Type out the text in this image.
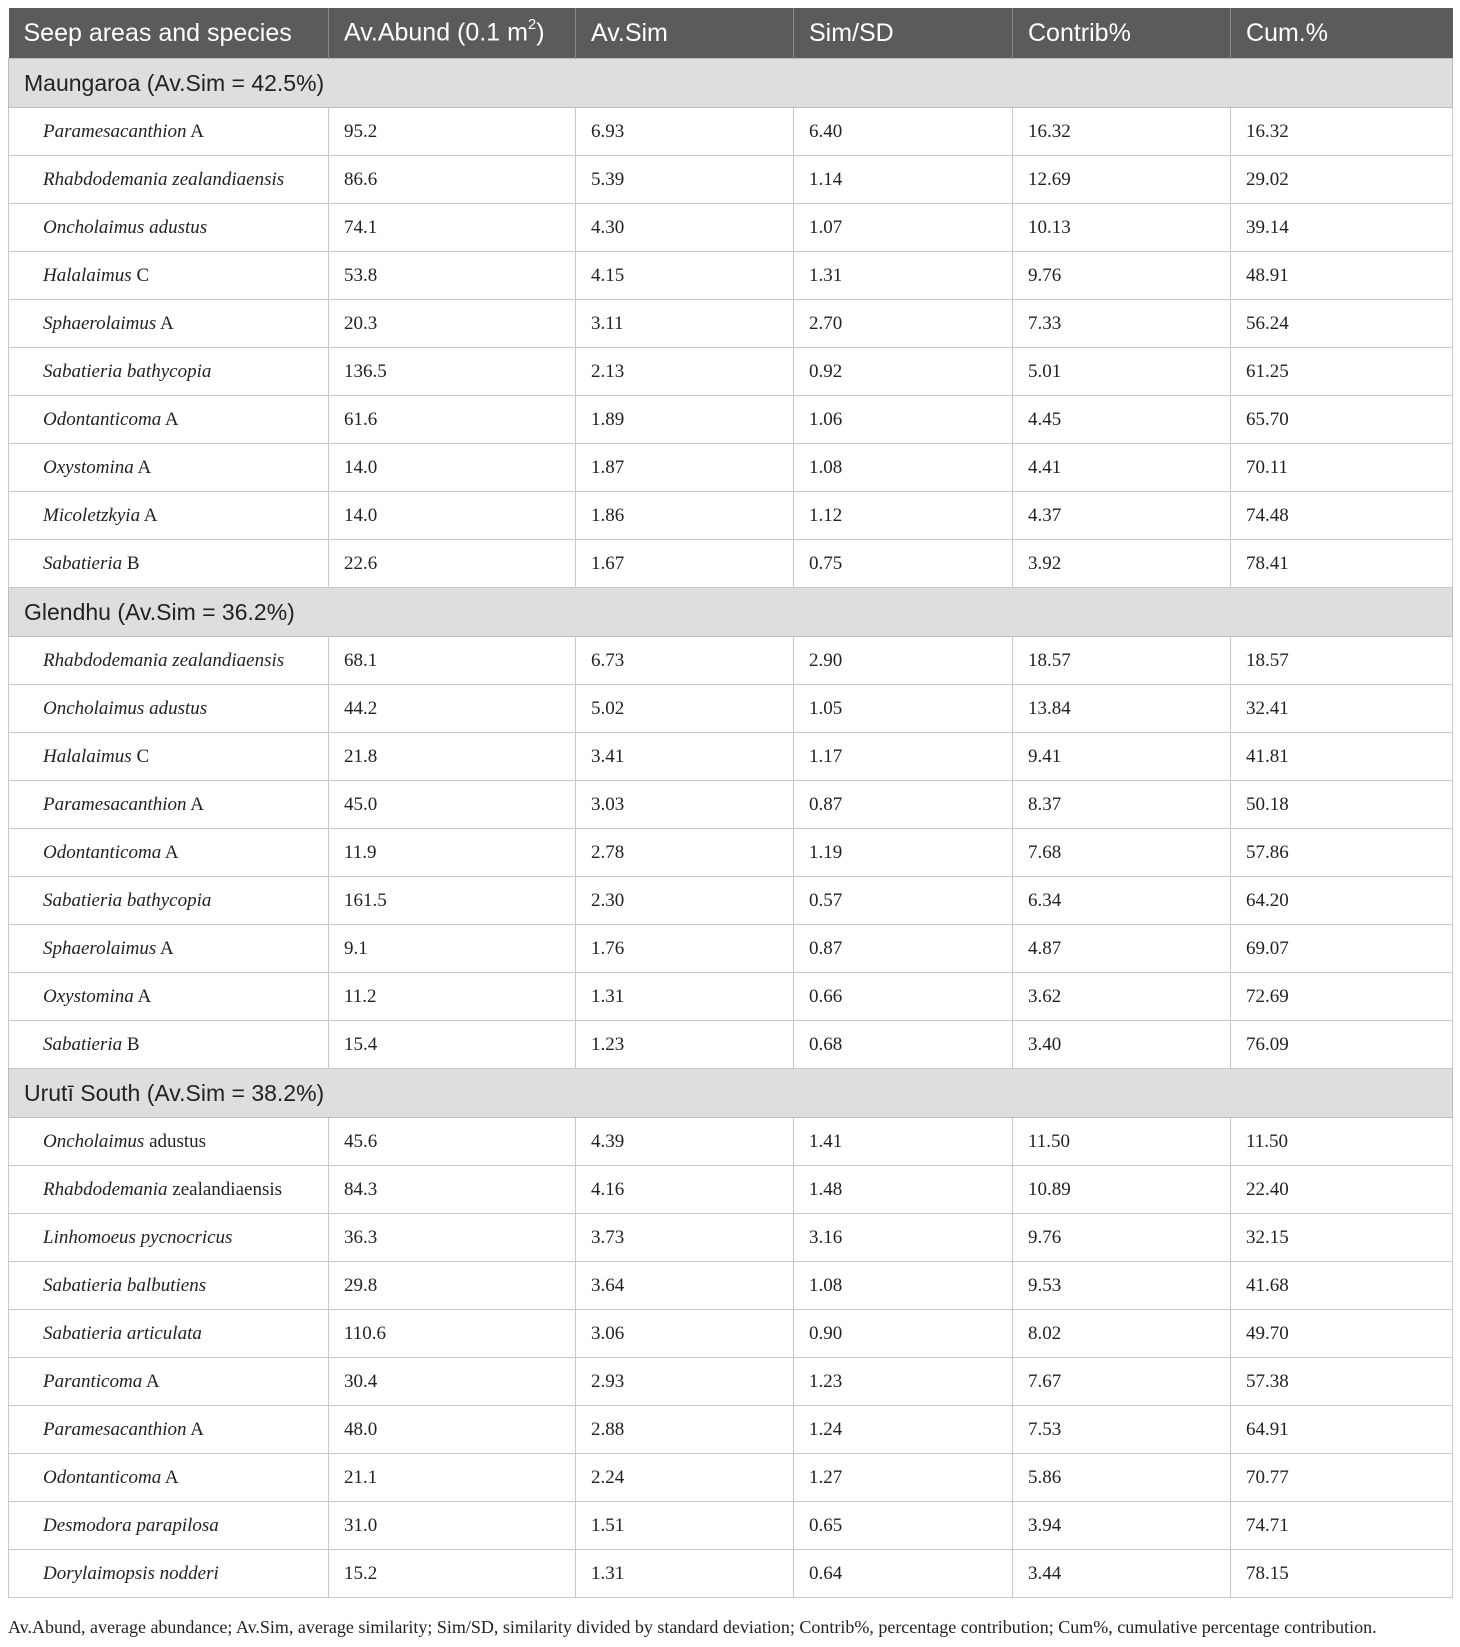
Seep areas and species	Av.Abund (0.1 $m^2$)	Av.Sim	Sim/SD	Contrib%	Cum.%
Maungaroa (Av.Sim = 42.5%)					
Paramesacanthion A	95.2	6.93	6.40	16.32	16.32
Rhabdodemania zealandiaensis	86.6	5.39	1.14	12.69	29.02
Oncholaimus adustus	74.1	4.30	1.07	10.13	39.14
Halalaimus C	53.8	4.15	1.31	9.76	48.91
Sphaerolaimus A	20.3	3.11	2.70	7.33	56.24
Sabatieria bathycopia	136.5	2.13	0.92	5.01	61.25
Odontanticoma A	61.6	1.89	1.06	4.45	65.70
Oxystomina A	14.0	1.87	1.08	4.41	70.11
Micoletzkyia A	14.0	1.86	1.12	4.37	74.48
Sabatieria B	22.6	1.67	0.75	3.92	78.41
Glendhu (Av.Sim = 36.2%)					
Rhabdodemania zealandiaensis	68.1	6.73	2.90	18.57	18.57
Oncholaimus adustus	44.2	5.02	1.05	13.84	32.41
Halalaimus C	21.8	3.41	1.17	9.41	41.81
Paramesacanthion A	45.0	3.03	0.87	8.37	50.18
Odontanticoma A	11.9	2.78	1.19	7.68	57.86
Sabatieria bathycopia	161.5	2.30	0.57	6.34	64.20
Sphaerolaimus A	9.1	1.76	0.87	4.87	69.07
Oxystomina A	11.2	1.31	0.66	3.62	72.69
Sabatieria B	15.4	1.23	0.68	3.40	76.09
Urutī South (Av.Sim = 38.2%)					
Oncholaimus adustus	45.6	4.39	1.41	11.50	11.50
Rhabdodemania zealandiaensis	84.3	4.16	1.48	10.89	22.40
Linhomoeus pycnocricus	36.3	3.73	3.16	9.76	32.15
Sabatieria balbutiens	29.8	3.64	1.08	9.53	41.68
Sabatieria articulata	110.6	3.06	0.90	8.02	49.70
Paranticoma A	30.4	2.93	1.23	7.67	57.38
Paramesacanthion A	48.0	2.88	1.24	7.53	64.91
Odontanticoma A	21.1	2.24	1.27	5.86	70.77
Desmodora parapilosa	31.0	1.51	0.65	3.94	74.71
Dorylaimopsis nodderi	15.2	1.31	0.64	3.44	78.15
Av.Abund, average abundance; Av.Sim, average similarity; Sim/SD, similarity divided by standard deviation; Contrib%, percentage contribution; Cum%, cumulative percentage contribution.
